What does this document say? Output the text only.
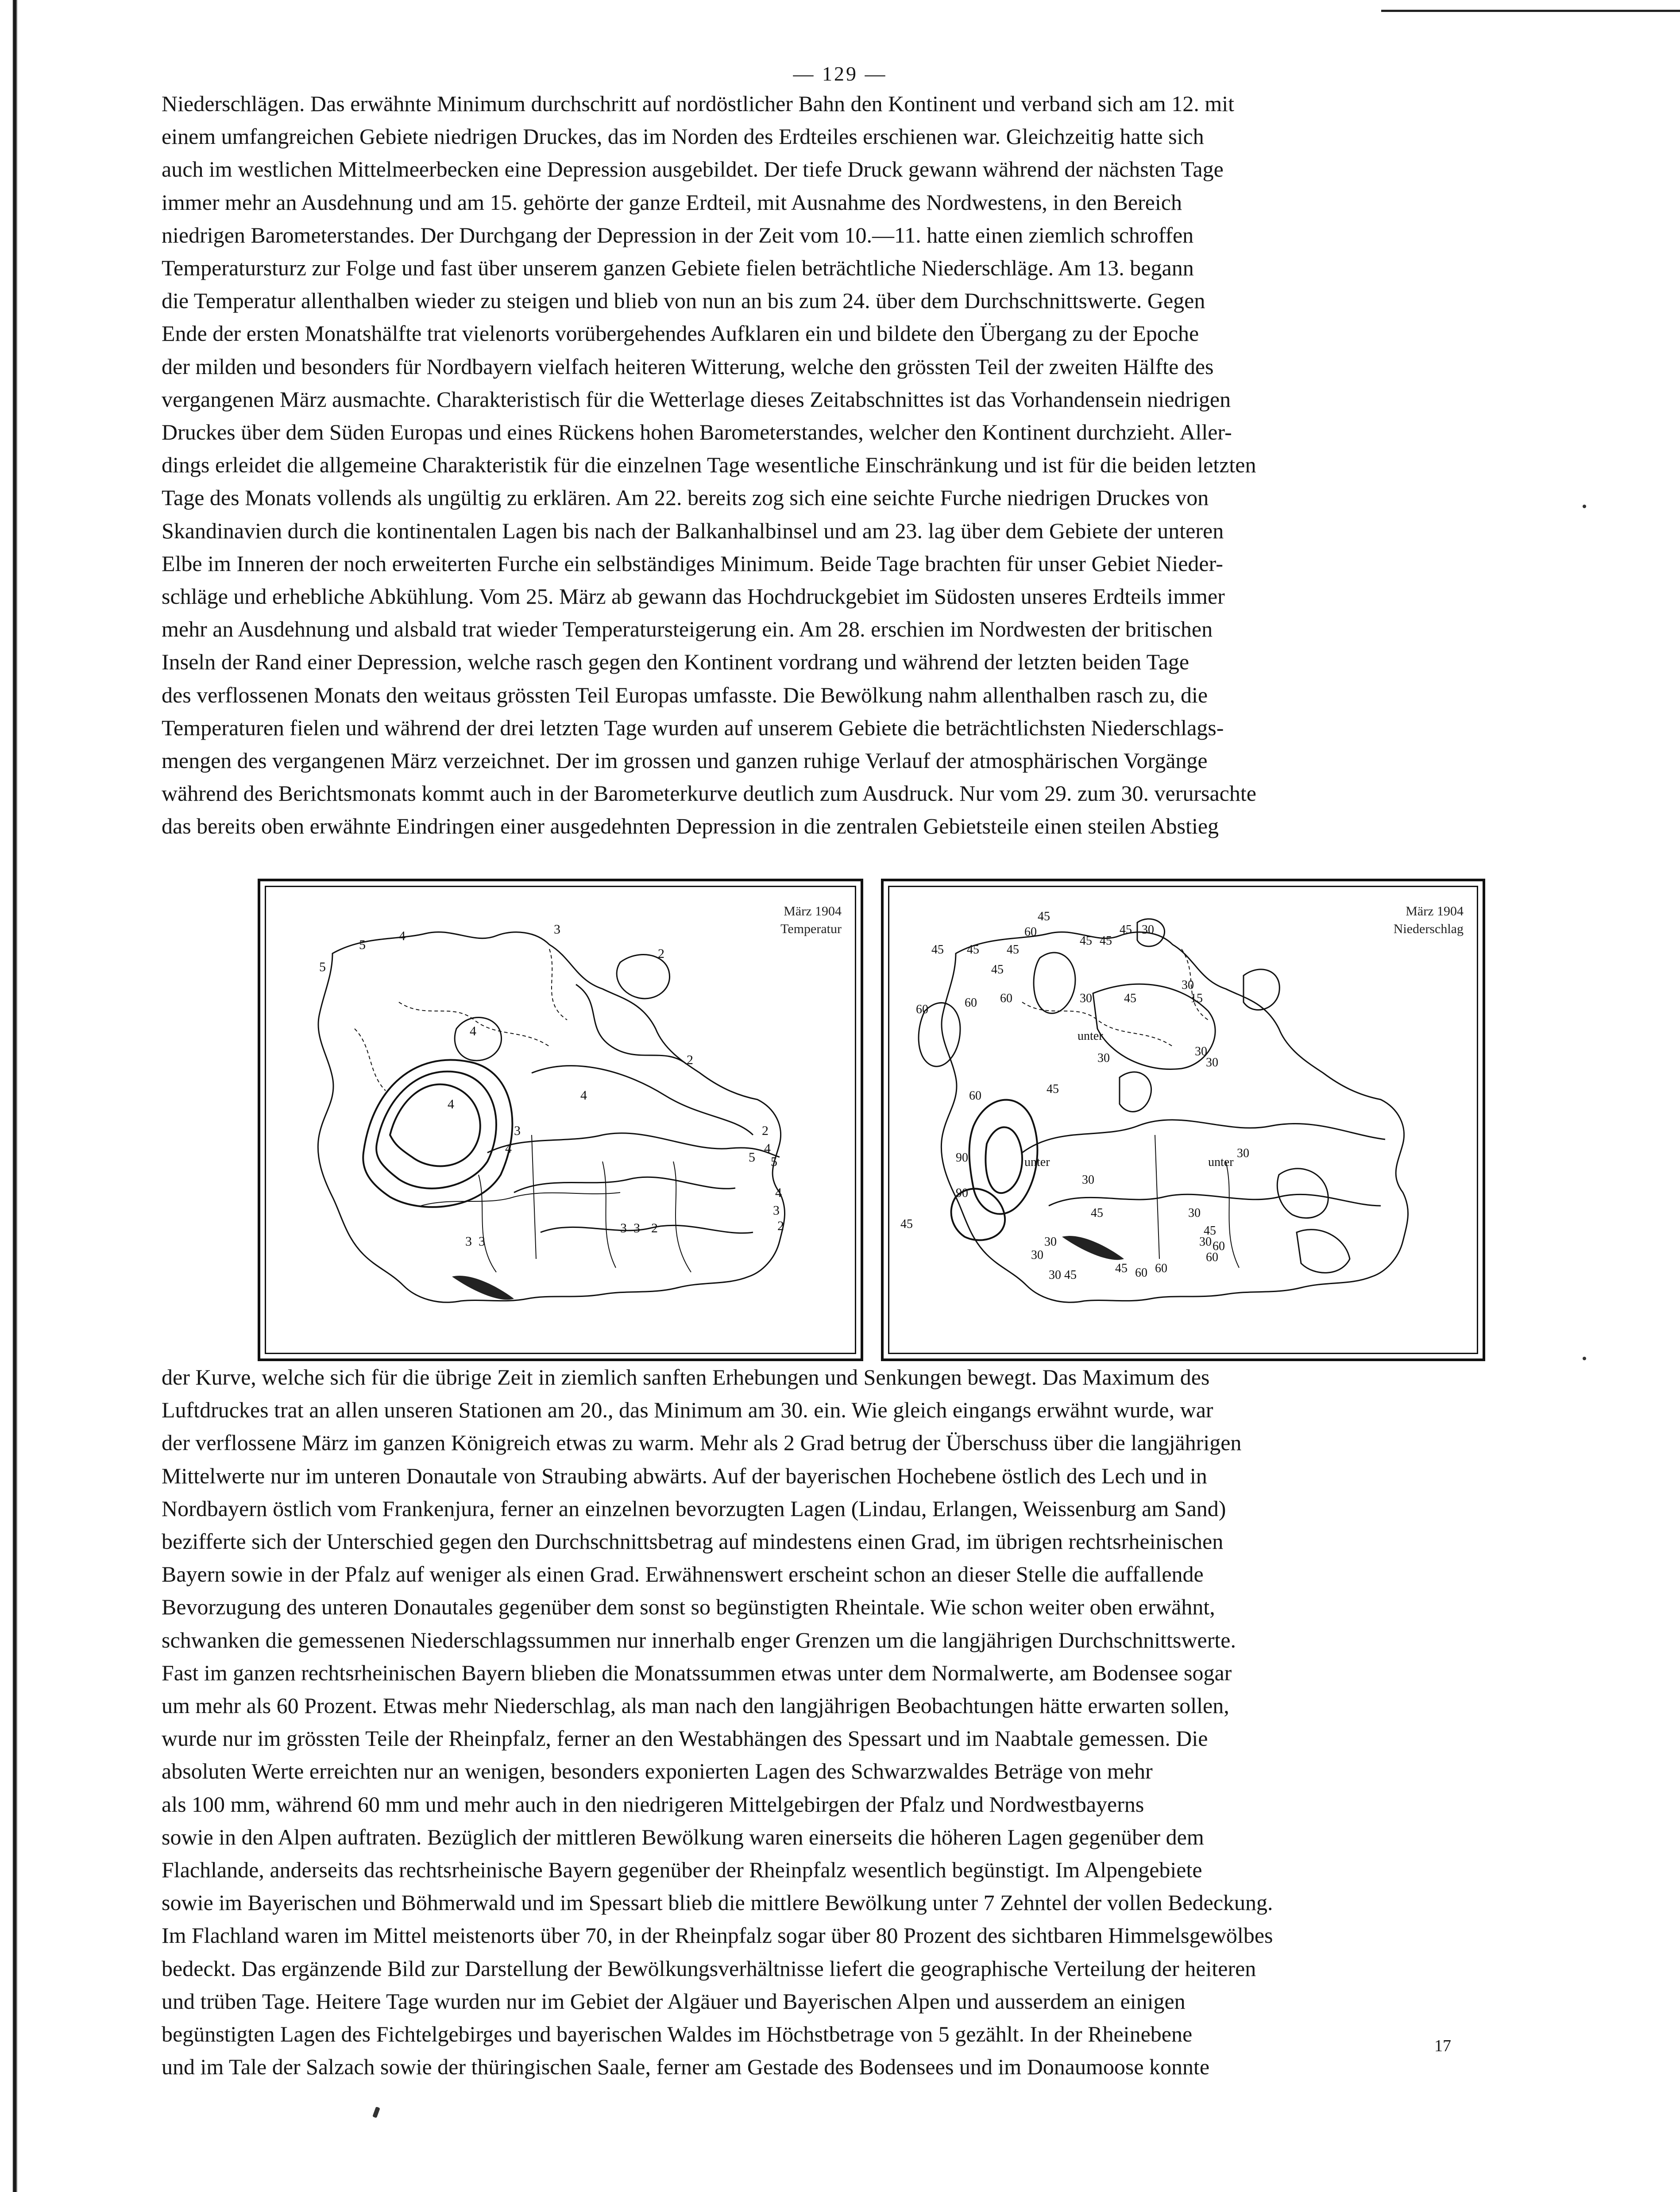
— 129 —

Niederschlägen. Das erwähnte Minimum durchschritt auf nordöstlicher Bahn den Kontinent und verband sich am 12. mit
einem umfangreichen Gebiete niedrigen Druckes, das im Norden des Erdteiles erschienen war. Gleichzeitig hatte sich
auch im westlichen Mittelmeerbecken eine Depression ausgebildet. Der tiefe Druck gewann während der nächsten Tage
immer mehr an Ausdehnung und am 15. gehörte der ganze Erdteil, mit Ausnahme des Nordwestens, in den Bereich
niedrigen Barometerstandes. Der Durchgang der Depression in der Zeit vom 10.—11. hatte einen ziemlich schroffen
Temperatursturz zur Folge und fast über unserem ganzen Gebiete fielen beträchtliche Niederschläge. Am 13. begann
die Temperatur allenthalben wieder zu steigen und blieb von nun an bis zum 24. über dem Durchschnittswerte. Gegen
Ende der ersten Monatshälfte trat vielenorts vorübergehendes Aufklaren ein und bildete den Übergang zu der Epoche
der milden und besonders für Nordbayern vielfach heiteren Witterung, welche den grössten Teil der zweiten Hälfte des
vergangenen März ausmachte. Charakteristisch für die Wetterlage dieses Zeitabschnittes ist das Vorhandensein niedrigen
Druckes über dem Süden Europas und eines Rückens hohen Barometerstandes, welcher den Kontinent durchzieht. Aller-
dings erleidet die allgemeine Charakteristik für die einzelnen Tage wesentliche Einschränkung und ist für die beiden letzten
Tage des Monats vollends als ungültig zu erklären. Am 22. bereits zog sich eine seichte Furche niedrigen Druckes von
Skandinavien durch die kontinentalen Lagen bis nach der Balkanhalbinsel und am 23. lag über dem Gebiete der unteren
Elbe im Inneren der noch erweiterten Furche ein selbständiges Minimum. Beide Tage brachten für unser Gebiet Nieder-
schläge und erhebliche Abkühlung. Vom 25. März ab gewann das Hochdruckgebiet im Südosten unseres Erdteils immer
mehr an Ausdehnung und alsbald trat wieder Temperatursteigerung ein. Am 28. erschien im Nordwesten der britischen
Inseln der Rand einer Depression, welche rasch gegen den Kontinent vordrang und während der letzten beiden Tage
des verflossenen Monats den weitaus grössten Teil Europas umfasste. Die Bewölkung nahm allenthalben rasch zu, die
Temperaturen fielen und während der drei letzten Tage wurden auf unserem Gebiete die beträchtlichsten Niederschlags-
mengen des vergangenen März verzeichnet. Der im grossen und ganzen ruhige Verlauf der atmosphärischen Vorgänge
während des Berichtsmonats kommt auch in der Barometerkurve deutlich zum Ausdruck. Nur vom 29. zum 30. verursachte
das bereits oben erwähnte Eindringen einer ausgedehnten Depression in die zentralen Gebietsteile einen steilen Abstieg

März 1904
Temperatur
5
5
4	3
2
4
2
4
3
4
4
2
4
5 5
4
3
2
3 3 2
3 3
März 1904
Niederschlag
45 45 45
60
45
45 45
45 30
45
60
60
30	45
30
15
60
unter
30	30
30
45
60
90
90
unter
30
unter
30
45	30
45
30
60
60
60
30
30
30 45
60
45
45

der Kurve, welche sich für die übrige Zeit in ziemlich sanften Erhebungen und Senkungen bewegt. Das Maximum des
Luftdruckes trat an allen unseren Stationen am 20., das Minimum am 30. ein. Wie gleich eingangs erwähnt wurde, war
der verflossene März im ganzen Königreich etwas zu warm. Mehr als 2 Grad betrug der Überschuss über die langjährigen
Mittelwerte nur im unteren Donautale von Straubing abwärts. Auf der bayerischen Hochebene östlich des Lech und in
Nordbayern östlich vom Frankenjura, ferner an einzelnen bevorzugten Lagen (Lindau, Erlangen, Weissenburg am Sand)
bezifferte sich der Unterschied gegen den Durchschnittsbetrag auf mindestens einen Grad, im übrigen rechtsrheinischen
Bayern sowie in der Pfalz auf weniger als einen Grad. Erwähnenswert erscheint schon an dieser Stelle die auffallende
Bevorzugung des unteren Donautales gegenüber dem sonst so begünstigten Rheintale. Wie schon weiter oben erwähnt,
schwanken die gemessenen Niederschlagssummen nur innerhalb enger Grenzen um die langjährigen Durchschnittswerte.
Fast im ganzen rechtsrheinischen Bayern blieben die Monatssummen etwas unter dem Normalwerte, am Bodensee sogar
um mehr als 60 Prozent. Etwas mehr Niederschlag, als man nach den langjährigen Beobachtungen hätte erwarten sollen,
wurde nur im grössten Teile der Rheinpfalz, ferner an den Westabhängen des Spessart und im Naabtale gemessen. Die
absoluten Werte erreichten nur an wenigen, besonders exponierten Lagen des Schwarzwaldes Beträge von mehr
als 100 mm, während 60 mm und mehr auch in den niedrigeren Mittelgebirgen der Pfalz und Nordwestbayerns
sowie in den Alpen auftraten. Bezüglich der mittleren Bewölkung waren einerseits die höheren Lagen gegenüber dem
Flachlande, anderseits das rechtsrheinische Bayern gegenüber der Rheinpfalz wesentlich begünstigt. Im Alpengebiete
sowie im Bayerischen und Böhmerwald und im Spessart blieb die mittlere Bewölkung unter 7 Zehntel der vollen Bedeckung.
Im Flachland waren im Mittel meistenorts über 70, in der Rheinpfalz sogar über 80 Prozent des sichtbaren Himmelsgewölbes
bedeckt. Das ergänzende Bild zur Darstellung der Bewölkungsverhältnisse liefert die geographische Verteilung der heiteren
und trüben Tage. Heitere Tage wurden nur im Gebiet der Algäuer und Bayerischen Alpen und ausserdem an einigen
begünstigten Lagen des Fichtelgebirges und bayerischen Waldes im Höchstbetrage von 5 gezählt. In der Rheinebene
und im Tale der Salzach sowie der thüringischen Saale, ferner am Gestade des Bodensees und im Donaumoose konnte

17
